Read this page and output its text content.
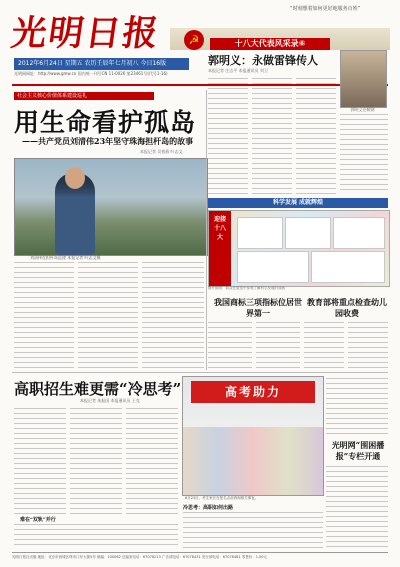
光明日报
2012年6月24日 星期五 农历壬辰年七月初八 今日16版
光明网网址：http://www.gmw.cn 国内统一刊号CN 11-0026 第23461号(代号1-16)
“时刻想着如何更好地服务百姓”
☭	十八大代表风采录⑥
郭明义：永做雷锋传人
本报记者 庄志平 本报通讯员 刘卫
郭明义在鞍钢
社会主义核心价值体系建设巡礼
用生命看护孤岛
——共产党员刘清伟23年坚守珠海担杆岛的故事
本报记者 吴春燕 叶志文
刘清伟在担杆岛巡逻 本报记者 叶志文摄
科学发展 成就辉煌
迎接十八大
图片说明：群众在展览中参观了解科学发展的成就
我国商标三项指标位居世界第一
教育部将重点检查幼儿园收费
高职招生难更需“冷思考”
本报记者 朱振国 本报通讯员 王克
难在“双轨”并行
高考助力
6月23日，考生家长在报名点前咨询相关事宜。
冷思考：高职如何出路
光明网“围困播报”专栏开通
光明日报社出版 地址：北京市西城区珠市口东大街5号 邮编：100062 总编室电话：67078213 广告部电话：67078431 发行部电话：67078481 零售价：1.50元
